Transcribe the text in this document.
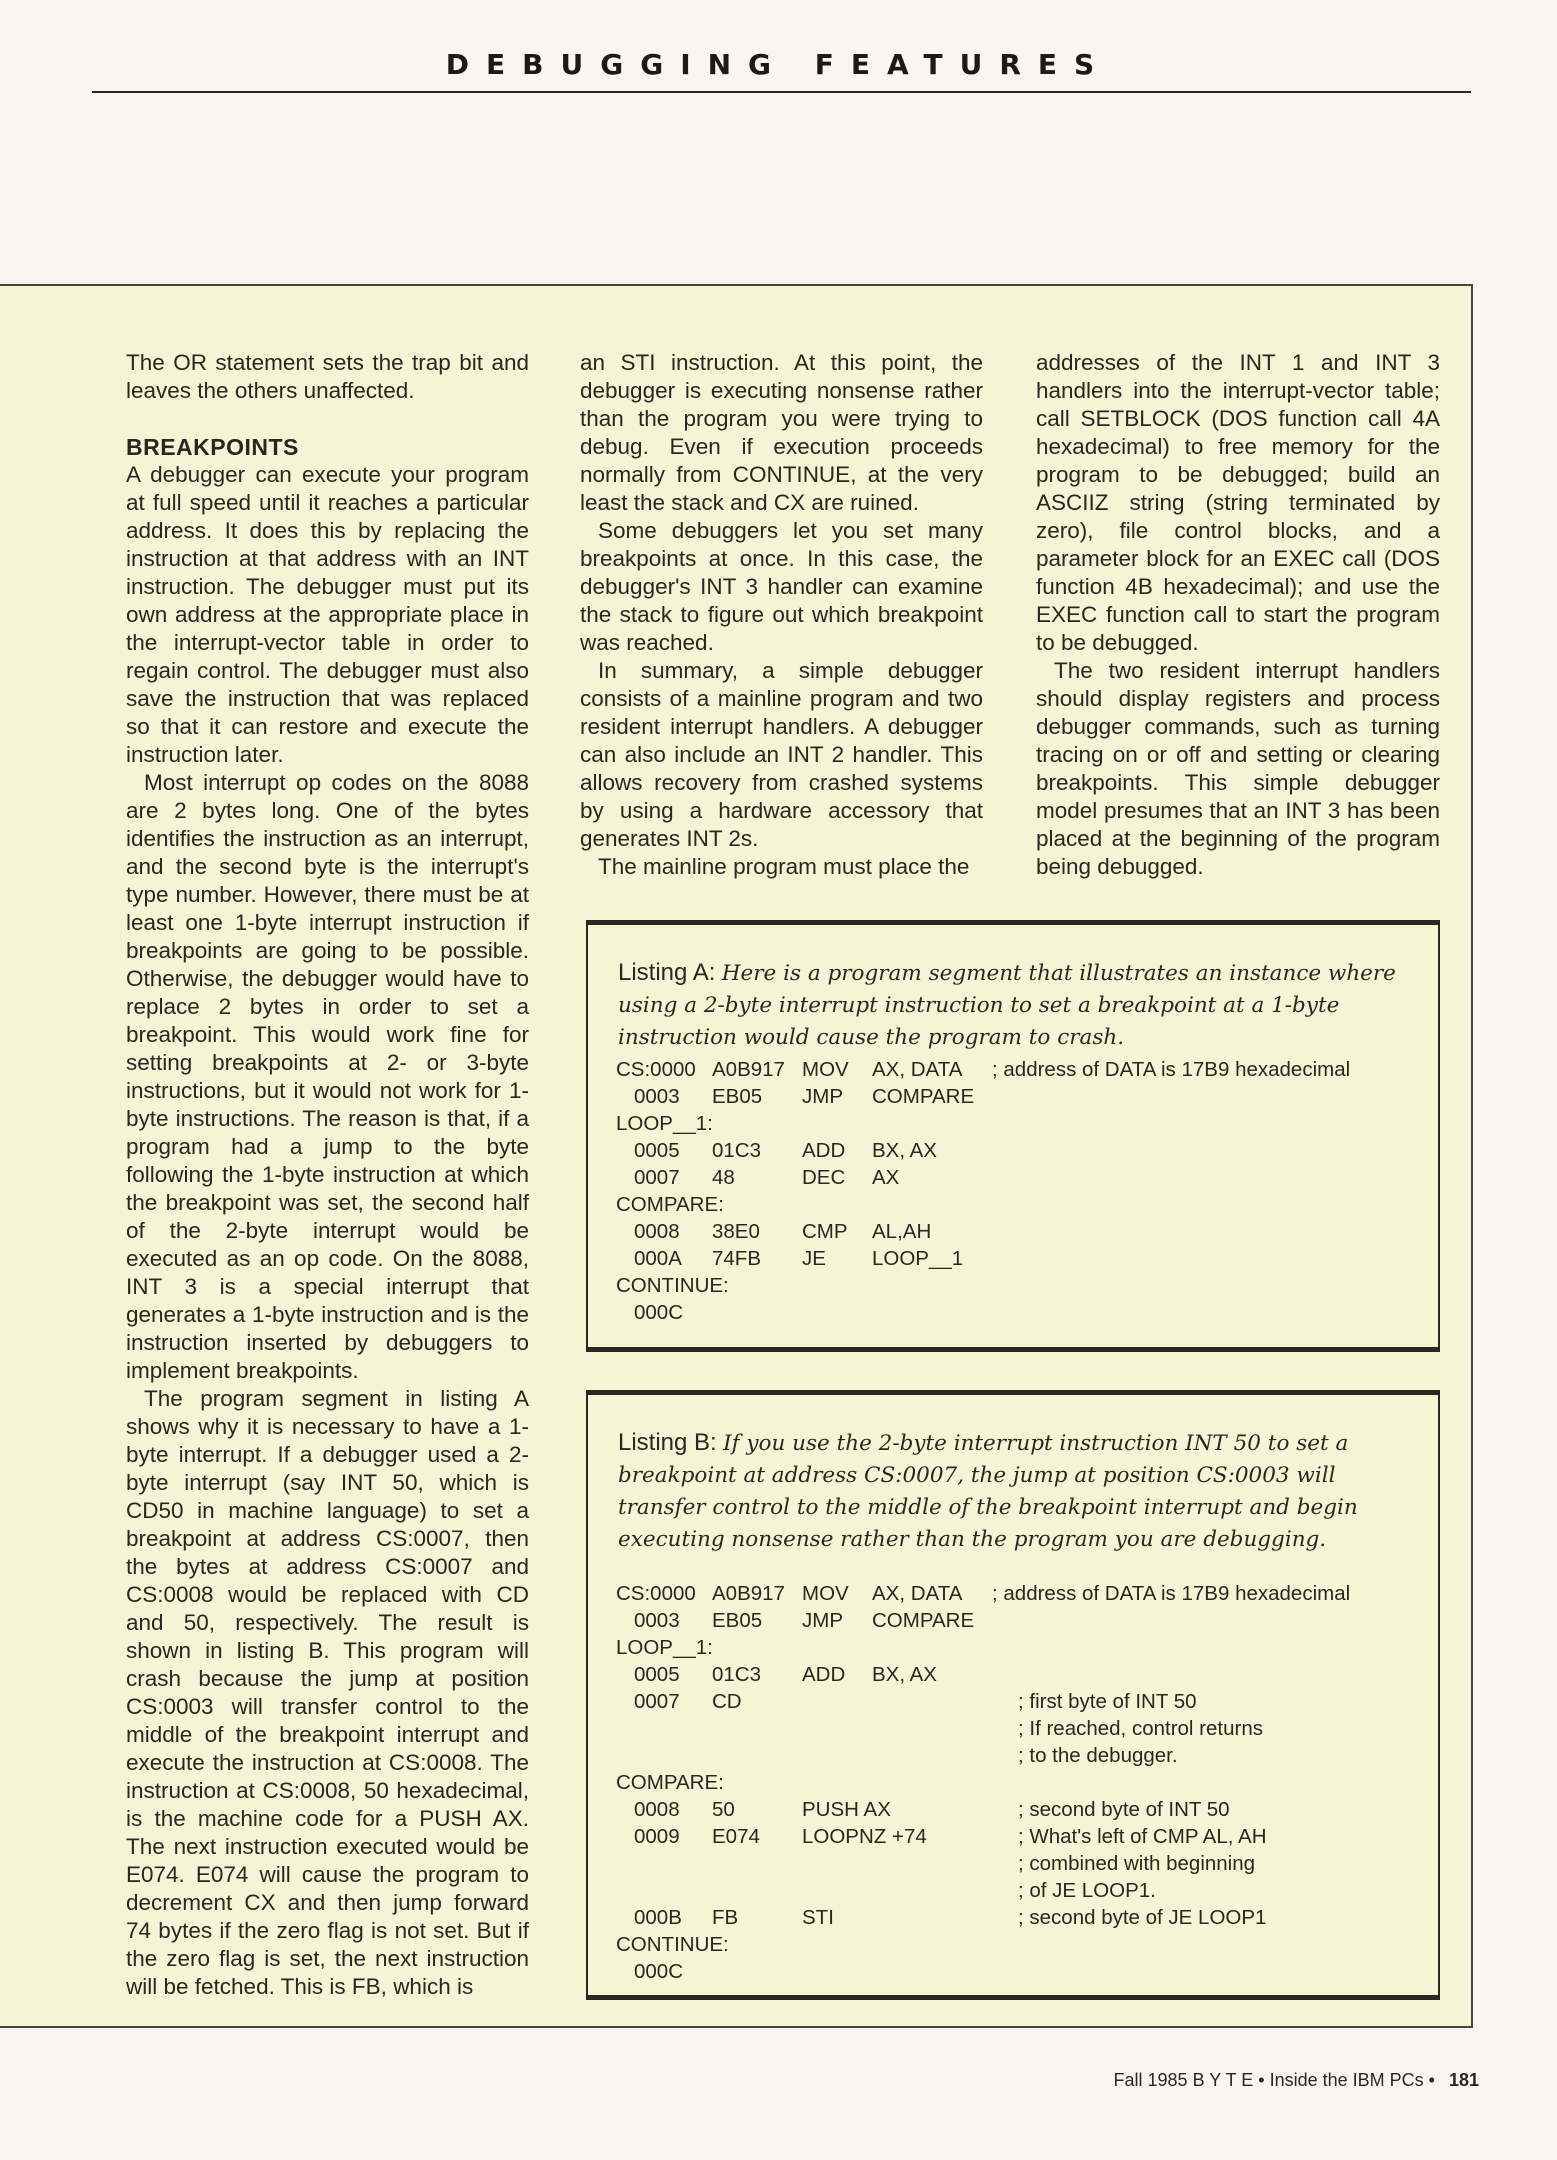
DEBUGGING FEATURES

The OR statement sets the trap bit and leaves the others unaffected.

BREAKPOINTS

A debugger can execute your program at full speed until it reaches a particular address. It does this by replacing the instruction at that address with an INT instruction. The debugger must put its own address at the appropriate place in the interrupt-vector table in order to regain control. The debugger must also save the instruction that was replaced so that it can restore and execute the instruction later.

Most interrupt op codes on the 8088 are 2 bytes long. One of the bytes identifies the instruction as an interrupt, and the second byte is the interrupt's type number. However, there must be at least one 1-byte interrupt instruction if breakpoints are going to be possible. Otherwise, the debugger would have to replace 2 bytes in order to set a breakpoint. This would work fine for setting breakpoints at 2- or 3-byte instructions, but it would not work for 1-byte instructions. The reason is that, if a program had a jump to the byte following the 1-byte instruction at which the breakpoint was set, the second half of the 2-byte interrupt would be executed as an op code. On the 8088, INT 3 is a special interrupt that generates a 1-byte instruction and is the instruction inserted by debuggers to implement breakpoints.

The program segment in listing A shows why it is necessary to have a 1-byte interrupt. If a debugger used a 2-byte interrupt (say INT 50, which is CD50 in machine language) to set a breakpoint at address CS:0007, then the bytes at address CS:0007 and CS:0008 would be replaced with CD and 50, respectively. The result is shown in listing B. This program will crash because the jump at position CS:0003 will transfer control to the middle of the breakpoint interrupt and execute the instruction at CS:0008. The instruction at CS:0008, 50 hexadecimal, is the machine code for a PUSH AX. The next instruction executed would be E074. E074 will cause the program to decrement CX and then jump forward 74 bytes if the zero flag is not set. But if the zero flag is set, the next instruction will be fetched. This is FB, which is

an STI instruction. At this point, the debugger is executing nonsense rather than the program you were trying to debug. Even if execution proceeds normally from CONTINUE, at the very least the stack and CX are ruined.

Some debuggers let you set many breakpoints at once. In this case, the debugger's INT 3 handler can examine the stack to figure out which breakpoint was reached.

In summary, a simple debugger consists of a mainline program and two resident interrupt handlers. A debugger can also include an INT 2 handler. This allows recovery from crashed systems by using a hardware accessory that generates INT 2s.

The mainline program must place the

addresses of the INT 1 and INT 3 handlers into the interrupt-vector table; call SETBLOCK (DOS function call 4A hexadecimal) to free memory for the program to be debugged; build an ASCIIZ string (string terminated by zero), file control blocks, and a parameter block for an EXEC call (DOS function 4B hexadecimal); and use the EXEC function call to start the program to be debugged.

The two resident interrupt handlers should display registers and process debugger commands, such as turning tracing on or off and setting or clearing breakpoints. This simple debugger model presumes that an INT 3 has been placed at the beginning of the program being debugged.

Listing A: Here is a program segment that illustrates an instance where using a 2-byte interrupt instruction to set a breakpoint at a 1-byte instruction would cause the program to crash.
CS:0000 A0B917 MOV AX, DATA ; address of DATA is 17B9 hexadecimal
0003 EB05 JMP COMPARE
LOOP__1:
0005 01C3 ADD BX, AX
0007 48	DEC AX
COMPARE:
0008 38E0 CMP AL,AH
000A 74FB JE LOOP__1
CONTINUE:
000C
Listing B: If you use the 2-byte interrupt instruction INT 50 to set a breakpoint at address CS:0007, the jump at position CS:0003 will transfer control to the middle of the breakpoint interrupt and begin executing nonsense rather than the program you are debugging.
CS:0000 A0B917 MOV AX, DATA ; address of DATA is 17B9 hexadecimal
0003 EB05 JMP COMPARE
LOOP__1:
0005 01C3 ADD BX, AX
0007 CD	; first byte of INT 50
; If reached, control returns
; to the debugger.
COMPARE:
0008 50	PUSH AX	; second byte of INT 50
0009 E074 LOOPNZ +74	; What's left of CMP AL, AH
; combined with beginning
; of JE LOOP1.
000B FB	STI	; second byte of JE LOOP1
CONTINUE:
000C
Fall 1985 B Y T E • Inside the IBM PCs • 181
